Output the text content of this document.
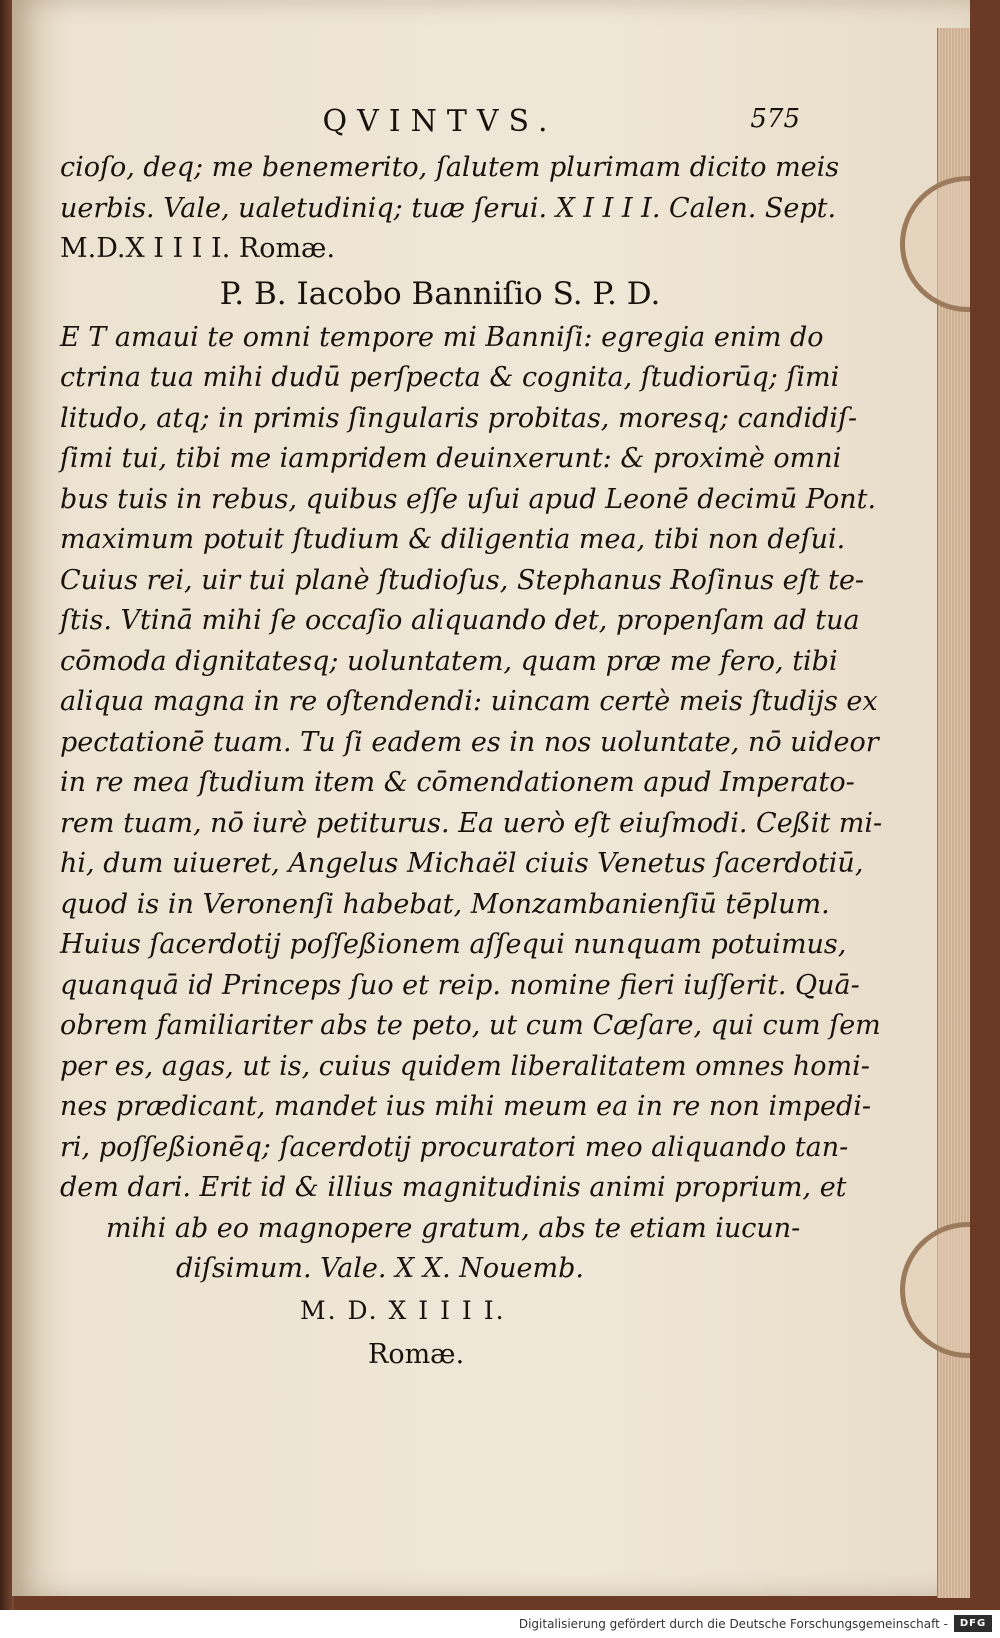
QVINTVS.	575
cioſo, deq; me benemerito, ſalutem plurimam dicito meis
uerbis. Vale, ualetudiniq; tuæ ſerui. X I I I I. Calen. Sept.
M.D.X I I I I. Romæ.
P. B. Iacobo Banniſio S. P. D.
E T amaui te omni tempore mi Banniſi: egregia enim do
ctrina tua mihi dudū perſpecta & cognita, ſtudiorūq; ſimi
litudo, atq; in primis ſingularis probitas, moresq; candidiſ-
ſimi tui, tibi me iampridem deuinxerunt: & proximè omni
bus tuis in rebus, quibus eſſe uſui apud Leonē decimū Pont.
maximum potuit ſtudium & diligentia mea, tibi non deſui.
Cuius rei, uir tui planè ſtudioſus, Stephanus Roſinus eſt te-
ſtis. Vtinā mihi ſe occaſio aliquando det, propenſam ad tua
cōmoda dignitatesq; uoluntatem, quam præ me fero, tibi
aliqua magna in re oſtendendi: uincam certè meis ſtudijs ex
pectationē tuam. Tu ſi eadem es in nos uoluntate, nō uideor
in re mea ſtudium item & cōmendationem apud Imperato-
rem tuam, nō iurè petiturus. Ea uerò eſt eiuſmodi. Ceßit mi-
hi, dum uiueret, Angelus Michaël ciuis Venetus ſacerdotiū,
quod is in Veronenſi habebat, Monzambanienſiū tēplum.
Huius ſacerdotij poſſeßionem aſſequi nunquam potuimus,
quanquā id Princeps ſuo et reip. nomine fieri iuſſerit. Quā-
obrem familiariter abs te peto, ut cum Cæſare, qui cum ſem
per es, agas, ut is, cuius quidem liberalitatem omnes homi-
nes prædicant, mandet ius mihi meum ea in re non impedi-
ri, poſſeßionēq; ſacerdotij procuratori meo aliquando tan-
dem dari. Erit id & illius magnitudinis animi proprium, et
mihi ab eo magnopere gratum, abs te etiam iucun-
diſsimum. Vale. X X. Nouemb.
M. D. X I I I I.
Romæ.
Digitalisierung gefördert durch die Deutsche Forschungsgemeinschaft -	DFG
